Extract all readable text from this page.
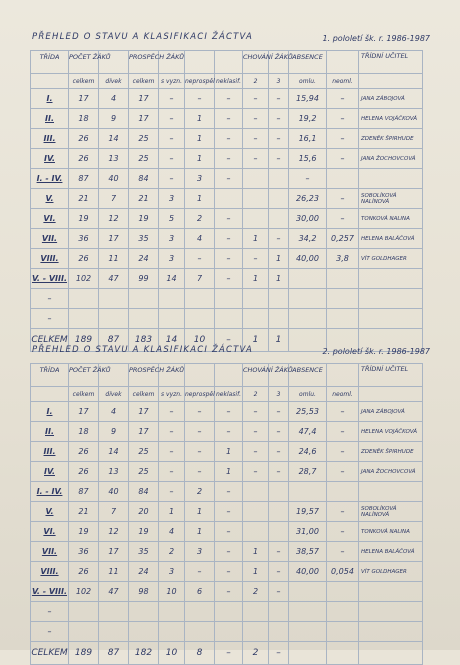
PŘEHLED O STAVU A KLASIFIKACI ŽÁCTVA	1. pololetí šk. r. 1986-1987
TŘÍDA	POČET ŽÁKŮ		PROSPĚCH ŽÁKŮ				CHOVÁNÍ ŽÁKŮ		ABSENCE		TŘÍDNÍ UČITEL
	celkem	dívek	celkem	s vyzn.	neprospěl	neklasif.	2	3	omlu.	neoml.	
I.	17	4	17	–	–	–	–	–	15,94	–	JANA ZÁBOJOVÁ
II.	18	9	17	–	1	–	–	–	19,2	–	HELENA VOJÁČKOVÁ
III.	26	14	25	–	1	–	–	–	16,1	–	ZDENĚK ŠPIRHUDE
IV.	26	13	25	–	1	–	–	–	15,6	–	JANA ŽOCHOVCOVÁ
I. - IV.	87	40	84	–	3	–			–		
V.	21	7	21	3	1				26,23	–	SOBOLÍKOVÁ NALÍNOVÁ
VI.	19	12	19	5	2	–			30,00	–	TONKOVÁ NALINA
VII.	36	17	35	3	4	–	1	–	34,2	0,257	HELENA BALÁČOVÁ
VIII.	26	11	24	3	–	–	–	1	40,00	3,8	VÍT GOLDHAGER
V. - VIII.	102	47	99	14	7	–	1	1			
–											
–											
CELKEM	189	87	183	14	10	–	1	1			
PŘEHLED O STAVU A KLASIFIKACI ŽÁCTVA	2. pololetí šk. r. 1986-1987
TŘÍDA	POČET ŽÁKŮ		PROSPĚCH ŽÁKŮ				CHOVÁNÍ ŽÁKŮ		ABSENCE		TŘÍDNÍ UČITEL
	celkem	dívek	celkem	s vyzn.	neprospěl	neklasif.	2	3	omlu.	neoml.	
I.	17	4	17	–	–	–	–	–	25,53	–	JANA ZÁBOJOVÁ
II.	18	9	17	–	–	–	–	–	47,4	–	HELENA VOJÁČKOVÁ
III.	26	14	25	–	–	1	–	–	24,6	–	ZDENĚK ŠPIRHUDE
IV.	26	13	25	–	–	1	–	–	28,7	–	JANA ŽOCHOVCOVÁ
I. - IV.	87	40	84	–	2	–					
V.	21	7	20	1	1	–			19,57	–	SOBOLÍKOVÁ NALÍNOVÁ
VI.	19	12	19	4	1	–			31,00	–	TONKOVÁ NALINA
VII.	36	17	35	2	3	–	1	–	38,57	–	HELENA BALÁČOVÁ
VIII.	26	11	24	3	–	–	1	–	40,00	0,054	VÍT GOLDHAGER
V. - VIII.	102	47	98	10	6	–	2	–			
–											
–											
CELKEM	189	87	182	10	8	–	2	–			
